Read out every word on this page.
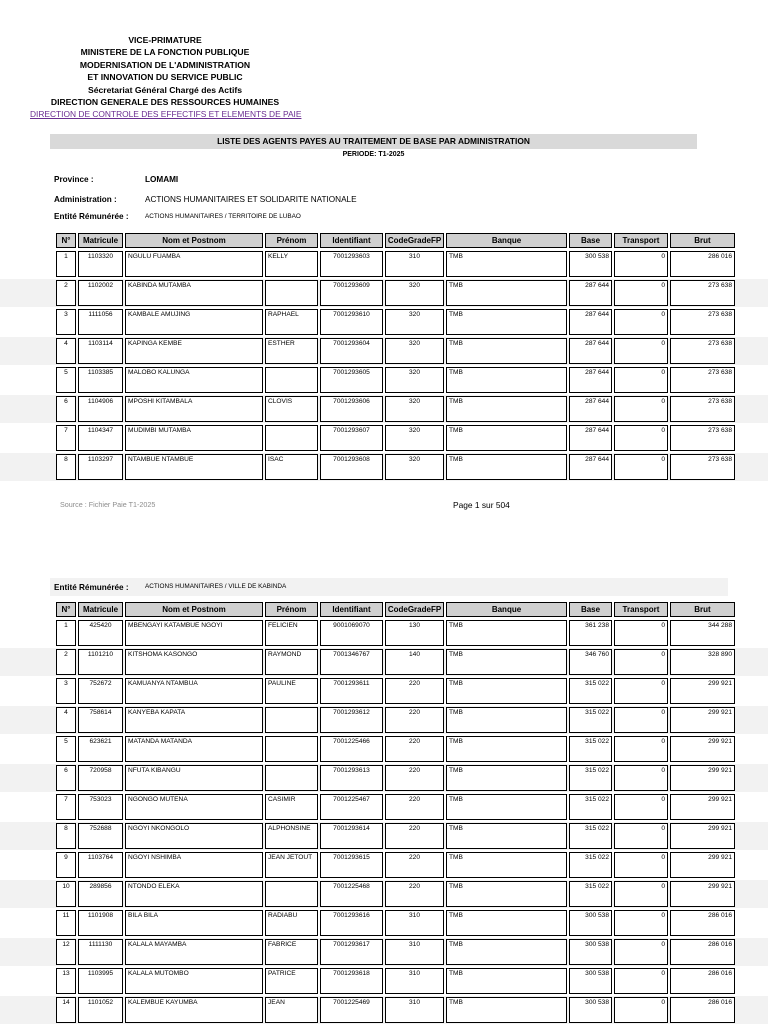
VICE-PRIMATURE
MINISTERE DE LA FONCTION PUBLIQUE
MODERNISATION DE L'ADMINISTRATION
ET INNOVATION DU SERVICE PUBLIC
Sécretariat Général Chargé des Actifs
DIRECTION GENERALE DES RESSOURCES HUMAINES
DIRECTION DE CONTROLE DES EFFECTIFS ET ELEMENTS DE PAIE
LISTE DES AGENTS PAYES AU TRAITEMENT DE BASE PAR ADMINISTRATION
PERIODE: T1-2025
Province :	LOMAMI
Administration :	ACTIONS HUMANITAIRES ET SOLIDARITE NATIONALE
Entité Rémunérée :	ACTIONS HUMANITAIRES / TERRITOIRE DE LUBAO
N°	Matricule	Nom et Postnom	Prénom	Identifiant	CodeGradeFP	Banque	Base	Transport	Brut

1	1103320	NGULU FUAMBA	KELLY	7001293603	310	TMB	300 538	0	286 016

2	1102002	KABINDA MUTAMBA		7001293609	320	TMB	287 644	0	273 638

3	1111056	KAMBALE AMUJING	RAPHAEL	7001293610	320	TMB	287 644	0	273 638

4	1103114	KAPINGA KEMBE	ESTHER	7001293604	320	TMB	287 644	0	273 638

5	1103385	MALOBO KALUNGA		7001293605	320	TMB	287 644	0	273 638

6	1104906	MPOSHI KITAMBALA	CLOVIS	7001293606	320	TMB	287 644	0	273 638

7	1104347	MUDIMBI MUTAMBA		7001293607	320	TMB	287 644	0	273 638

8	1103297	NTAMBUE NTAMBUE	ISAC	7001293608	320	TMB	287 644	0	273 638
Source : Fichier Paie T1-2025	Page 1 sur 504
Entité Rémunérée :	ACTIONS HUMANITAIRES / VILLE DE KABINDA
N°	Matricule	Nom et Postnom	Prénom	Identifiant	CodeGradeFP	Banque	Base	Transport	Brut

1	425420	MBENGAYI KATAMBUE NGOYI	FELICIEN	9001069070	130	TMB	361 238	0	344 288

2	1101210	KITSHOMA KASONGO	RAYMOND	7001346767	140	TMB	346 760	0	328 890

3	752672	KAMUANYA NTAMBUA	PAULINE	7001293611	220	TMB	315 022	0	299 921

4	758614	KANYEBA KAPATA		7001293612	220	TMB	315 022	0	299 921

5	623621	MATANDA MATANDA		7001225466	220	TMB	315 022	0	299 921

6	720958	NFUTA KIBANGU		7001293613	220	TMB	315 022	0	299 921

7	753023	NGONGO MUTENA	CASIMIR	7001225467	220	TMB	315 022	0	299 921

8	752688	NGOYI NKONGOLO	ALPHONSINE	7001293614	220	TMB	315 022	0	299 921

9	1103764	NGOYI NSHIMBA	JEAN JETOUT	7001293615	220	TMB	315 022	0	299 921

10	289856	NTONDO ELEKA		7001225468	220	TMB	315 022	0	299 921

11	1101908	BILA BILA	RADIABU	7001293616	310	TMB	300 538	0	286 016

12	1111130	KALALA MAYAMBA	FABRICE	7001293617	310	TMB	300 538	0	286 016

13	1103995	KALALA MUTOMBO	PATRICE	7001293618	310	TMB	300 538	0	286 016

14	1101052	KALEMBUE KAYUMBA	JEAN	7001225469	310	TMB	300 538	0	286 016
